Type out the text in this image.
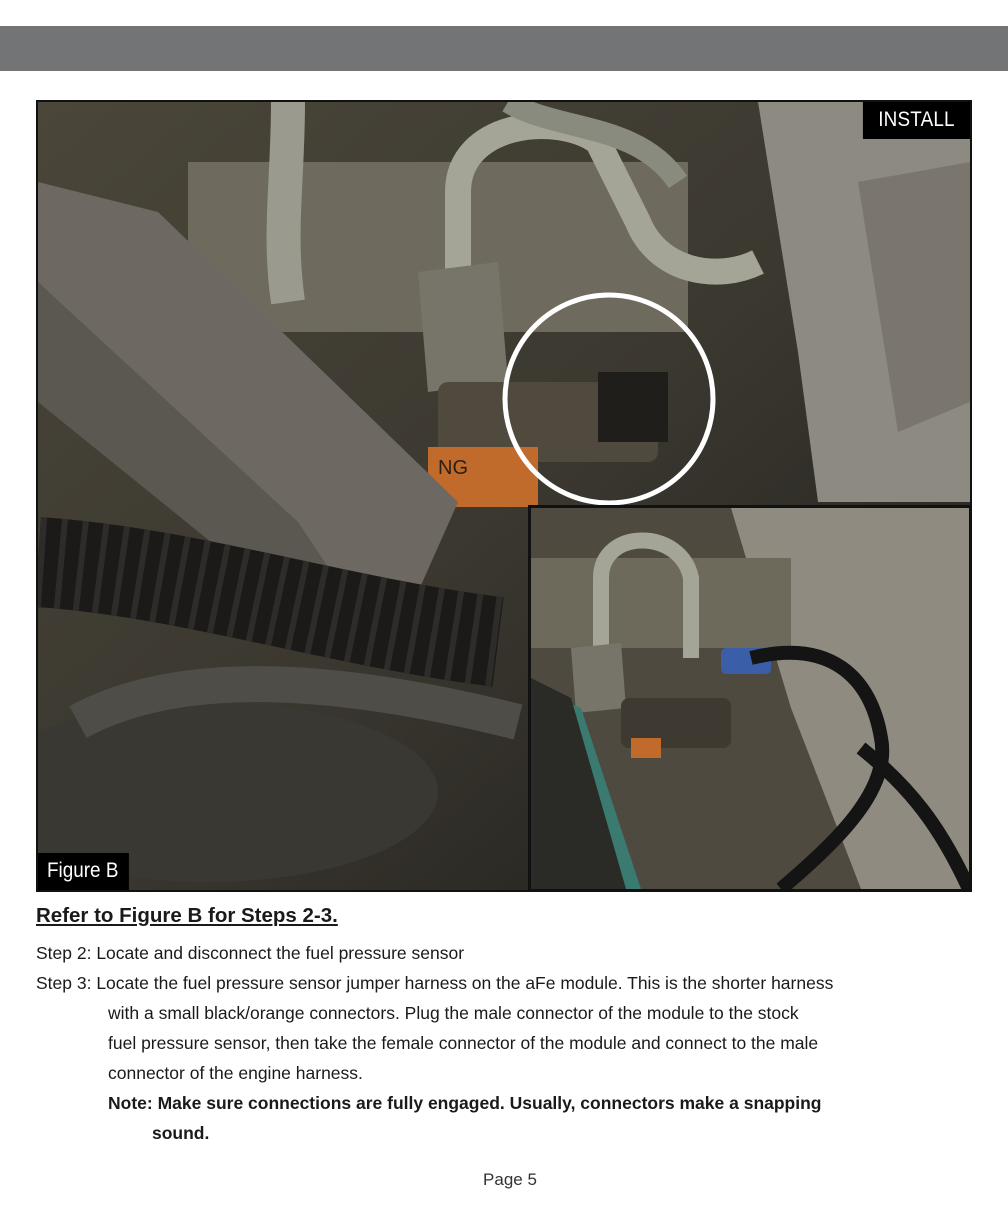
NG
INSTALL
Figure B

Refer to Figure B for Steps 2-3.

Step 2: Locate and disconnect the fuel pressure sensor

Step 3: Locate the fuel pressure sensor jumper harness on the aFe module. This is the shorter harness

with a small black/orange connectors. Plug the male connector of the module to the stock

fuel pressure sensor, then take the female connector of the module and connect to the male

connector of the engine harness.

Note: Make sure connections are fully engaged. Usually, connectors make a snapping

sound.

Page 5
